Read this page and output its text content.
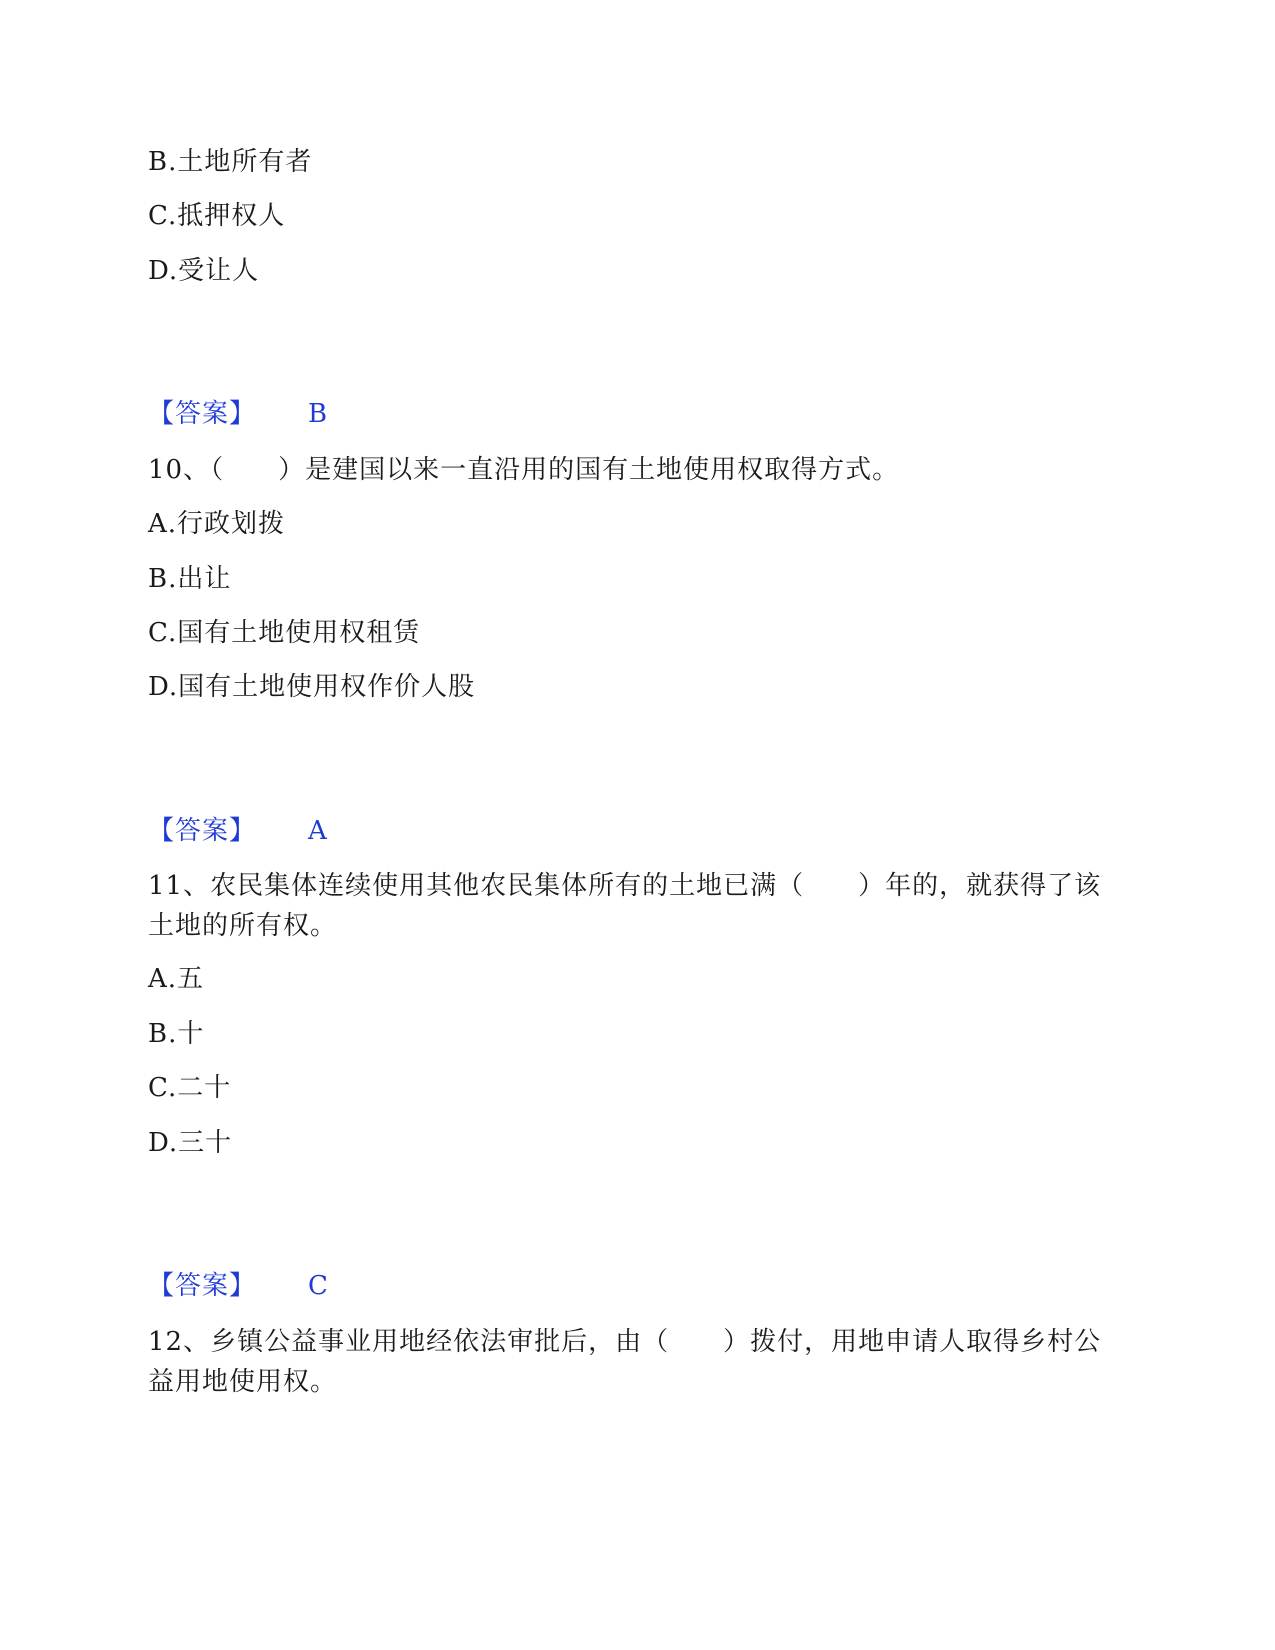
B.土地所有者
C.抵押权人
D.受让人
【答案】 B
10、（　　）是建国以来一直沿用的国有土地使用权取得方式。
A.行政划拨
B.出让
C.国有土地使用权租赁
D.国有土地使用权作价人股
【答案】 A
11、农民集体连续使用其他农民集体所有的土地已满（　　）年的，就获得了该土地的所有权。
A.五
B.十
C.二十
D.三十
【答案】 C
12、乡镇公益事业用地经依法审批后，由（　　）拨付，用地申请人取得乡村公益用地使用权。
